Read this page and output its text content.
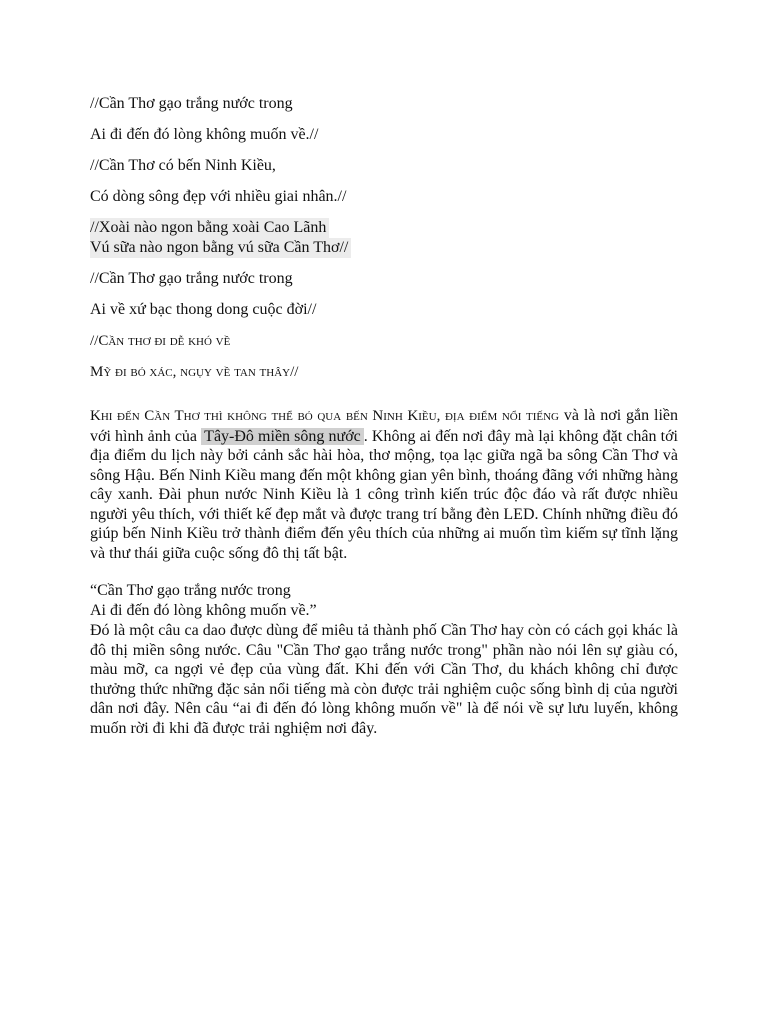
//Cần Thơ gạo trắng nước trong

Ai đi đến đó lòng không muốn về.//

//Cần Thơ có bến Ninh Kiều,

Có dòng sông đẹp với nhiều giai nhân.//

//Xoài nào ngon bằng xoài Cao Lãnh

Vú sữa nào ngon bằng vú sữa Cần Thơ//

//Cần Thơ gạo trắng nước trong

Ai về xứ bạc thong dong cuộc đời//

//Cần thơ đi dễ khó về

Mỹ đi bỏ xác, ngụy về tan thây//

Khi đến Cần Thơ thì không thể bỏ qua bến Ninh Kiều, địa điểm nổi tiếng và là nơi gắn liền với hình ảnh của Tây-Đô miền sông nước . Không ai đến nơi đây mà lại không đặt chân tới địa điểm du lịch này bởi cảnh sắc hài hòa, thơ mộng, tọa lạc giữa ngã ba sông Cần Thơ và sông Hậu. Bến Ninh Kiều mang đến một không gian yên bình, thoáng đãng với những hàng cây xanh. Đài phun nước Ninh Kiều là 1 công trình kiến trúc độc đáo và rất được nhiều người yêu thích, với thiết kế đẹp mắt và được trang trí bằng đèn LED. Chính những điều đó giúp bến Ninh Kiều trở thành điểm đến yêu thích của những ai muốn tìm kiếm sự tĩnh lặng và thư thái giữa cuộc sống đô thị tất bật.

“Cần Thơ gạo trắng nước trong

Ai đi đến đó lòng không muốn về.”

Đó là một câu ca dao được dùng để miêu tả thành phố Cần Thơ hay còn có cách gọi khác là đô thị miền sông nước. Câu "Cần Thơ gạo trắng nước trong" phần nào nói lên sự giàu có, màu mỡ, ca ngợi vẻ đẹp của vùng đất. Khi đến với Cần Thơ, du khách không chỉ được thưởng thức những đặc sản nổi tiếng mà còn được trải nghiệm cuộc sống bình dị của người dân nơi đây. Nên câu “ai đi đến đó lòng không muốn về" là để nói về sự lưu luyến, không muốn rời đi khi đã được trải nghiệm nơi đây.
